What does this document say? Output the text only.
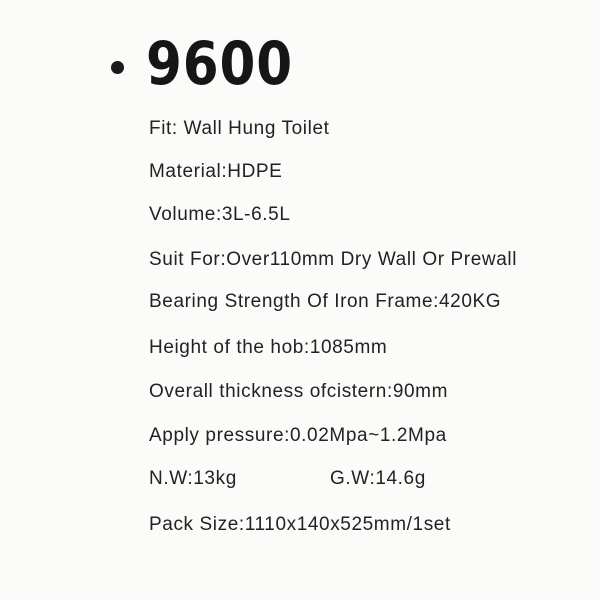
9600
Fit: Wall Hung Toilet
Material:HDPE
Volume:3L-6.5L
Suit For:Over110mm Dry Wall Or Prewall
Bearing Strength Of Iron Frame:420KG
Height of the hob:1085mm
Overall thickness ofcistern:90mm
Apply pressure:0.02Mpa~1.2Mpa
N.W:13kg	G.W:14.6g
Pack Size:1110x140x525mm/1set
